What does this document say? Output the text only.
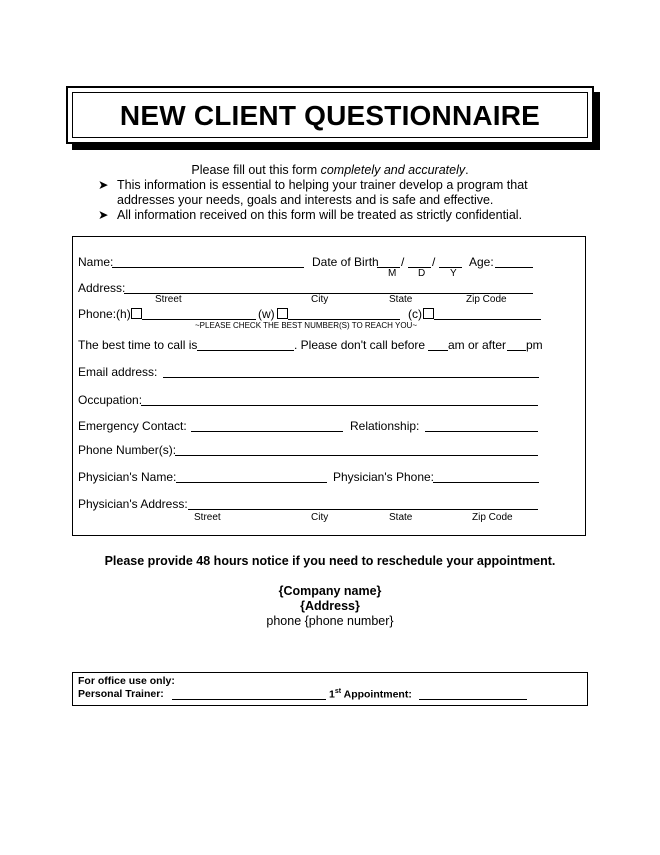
NEW CLIENT QUESTIONNAIRE
Please fill out this form completely and accurately.
➤ This information is essential to helping your trainer develop a program that
addresses your needs, goals and interests and is safe and effective.
➤ All information received on this form will be treated as strictly confidential.
Name:	Date of Birth / /	Age:
M D Y
Address:
Street	City	State	Zip Code
Phone:(h)	(w)	(c)
~PLEASE CHECK THE BEST NUMBER(S) TO REACH YOU~
The best time to call is	. Please don't call before am or after pm
Email address:
Occupation:
Emergency Contact:	Relationship:
Phone Number(s):
Physician's Name:	Physician's Phone:
Physician's Address:
Street	City	State	Zip Code
Please provide 48 hours notice if you need to reschedule your appointment.
{Company name}
{Address}
phone {phone number}
For office use only:
Personal Trainer:	1st Appointment:
